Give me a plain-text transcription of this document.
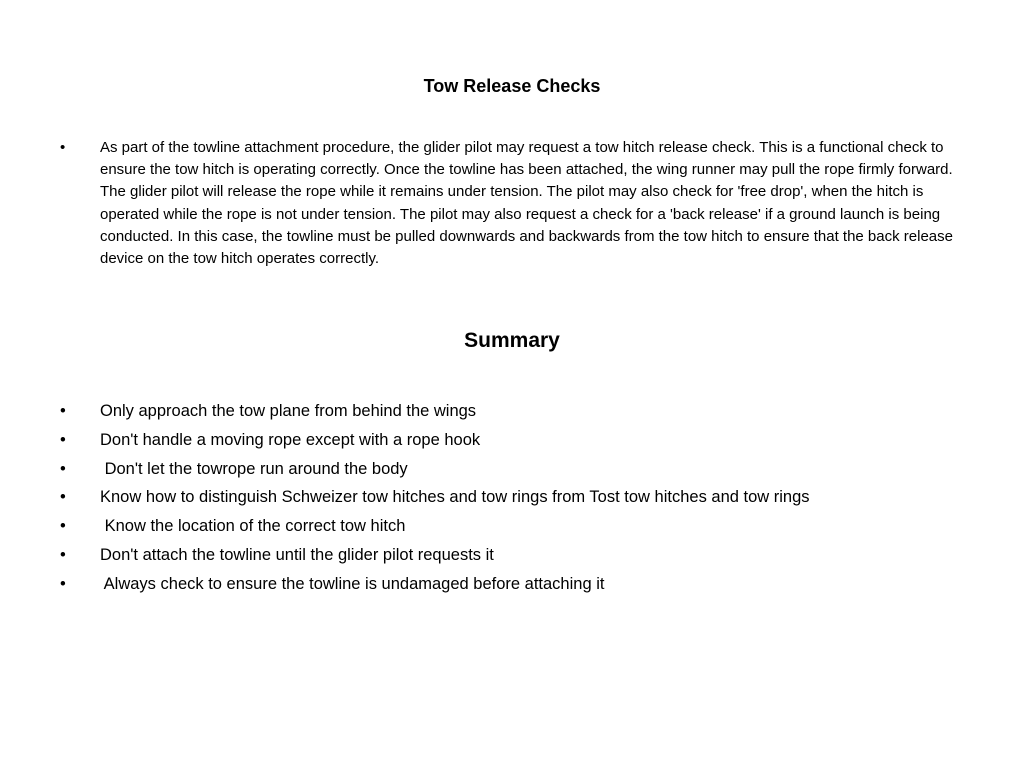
Tow Release Checks
• As part of the towline attachment procedure, the glider pilot may request a tow hitch release check. This is a functional check to ensure the tow hitch is operating correctly. Once the towline has been attached, the wing runner may pull the rope firmly forward. The glider pilot will release the rope while it remains under tension. The pilot may also check for 'free drop', when the hitch is operated while the rope is not under tension. The pilot may also request a check for a 'back release' if a ground launch is being conducted. In this case, the towline must be pulled downwards and backwards from the tow hitch to ensure that the back release device on the tow hitch operates correctly.
Summary
• Only approach the tow plane from behind the wings
• Don't handle a moving rope except with a rope hook
• Don't let the towrope run around the body
• Know how to distinguish Schweizer tow hitches and tow rings from Tost tow hitches and tow rings
• Know the location of the correct tow hitch
• Don't attach the towline until the glider pilot requests it
• Always check to ensure the towline is undamaged before attaching it
